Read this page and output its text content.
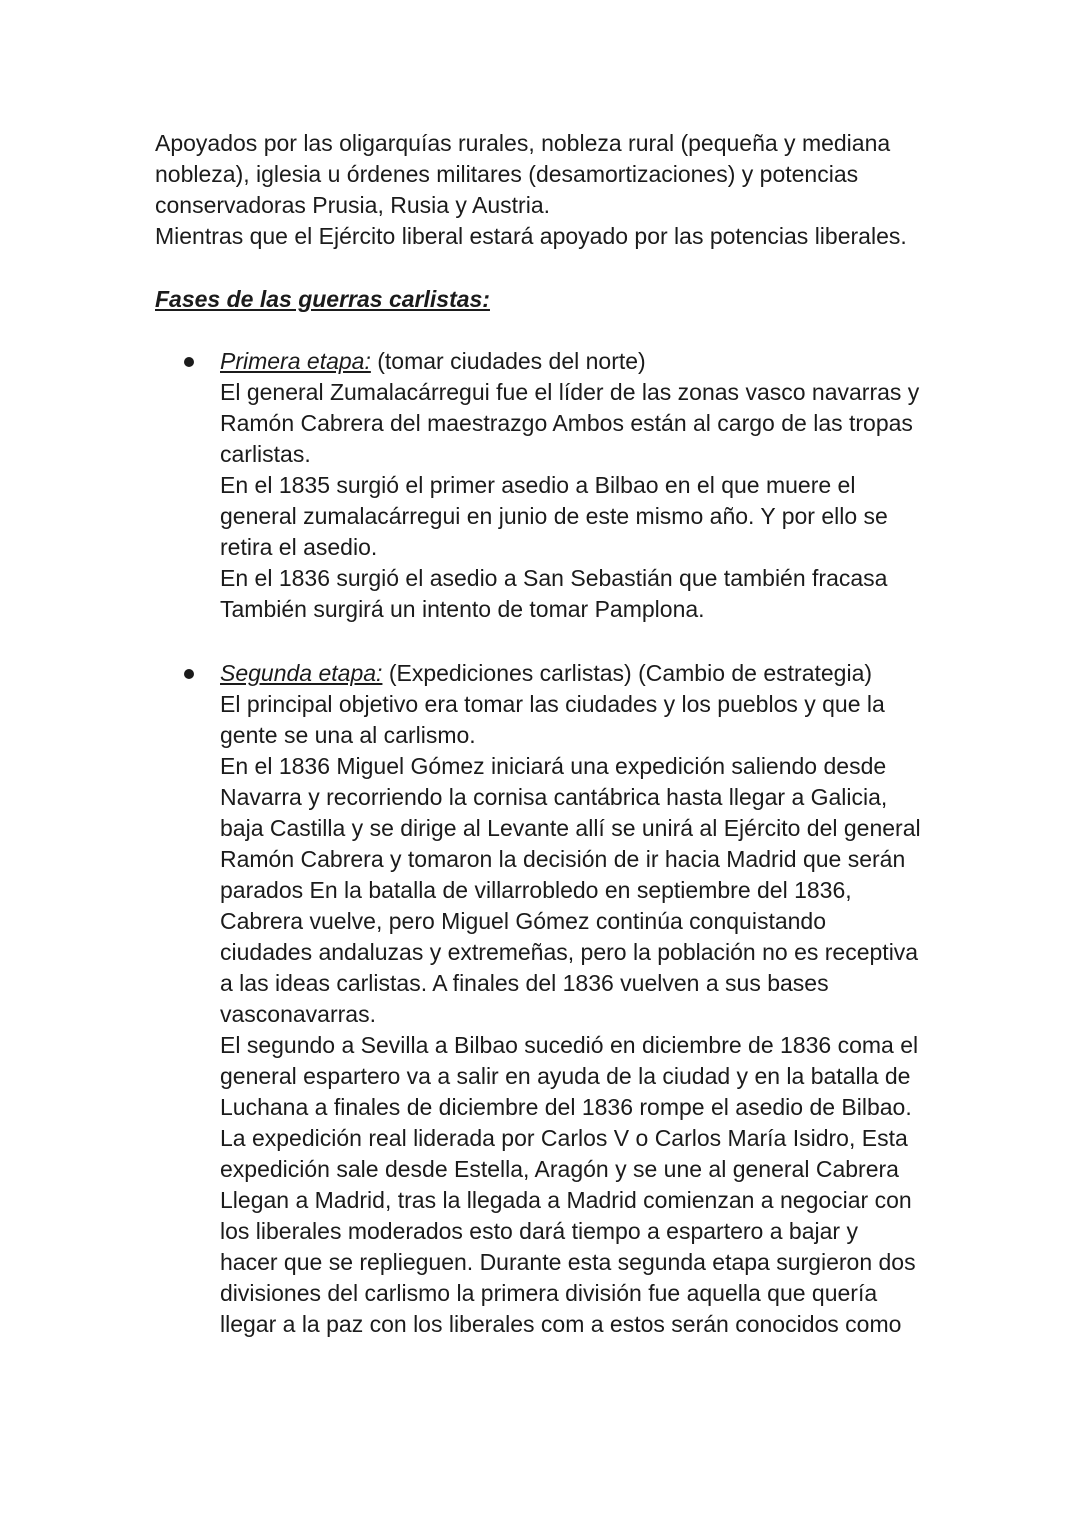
Apoyados por las oligarquías rurales, nobleza rural (pequeña y mediana
nobleza), iglesia u órdenes militares (desamortizaciones) y potencias
conservadoras Prusia, Rusia y Austria.
Mientras que el Ejército liberal estará apoyado por las potencias liberales.
Fases de las guerras carlistas:
Primera etapa: (tomar ciudades del norte)
El general Zumalacárregui fue el líder de las zonas vasco navarras y
Ramón Cabrera del maestrazgo Ambos están al cargo de las tropas
carlistas.
En el 1835 surgió el primer asedio a Bilbao en el que muere el
general zumalacárregui en junio de este mismo año. Y por ello se
retira el asedio.
En el 1836 surgió el asedio a San Sebastián que también fracasa
También surgirá un intento de tomar Pamplona.
Segunda etapa: (Expediciones carlistas) (Cambio de estrategia)
El principal objetivo era tomar las ciudades y los pueblos y que la
gente se una al carlismo.
En el 1836 Miguel Gómez iniciará una expedición saliendo desde
Navarra y recorriendo la cornisa cantábrica hasta llegar a Galicia,
baja Castilla y se dirige al Levante allí se unirá al Ejército del general
Ramón Cabrera y tomaron la decisión de ir hacia Madrid que serán
parados En la batalla de villarrobledo en septiembre del 1836,
Cabrera vuelve, pero Miguel Gómez continúa conquistando
ciudades andaluzas y extremeñas, pero la población no es receptiva
a las ideas carlistas. A finales del 1836 vuelven a sus bases
vasconavarras.
El segundo a Sevilla a Bilbao sucedió en diciembre de 1836 coma el
general espartero va a salir en ayuda de la ciudad y en la batalla de
Luchana a finales de diciembre del 1836 rompe el asedio de Bilbao.
La expedición real liderada por Carlos V o Carlos María Isidro, Esta
expedición sale desde Estella, Aragón y se une al general Cabrera
Llegan a Madrid, tras la llegada a Madrid comienzan a negociar con
los liberales moderados esto dará tiempo a espartero a bajar y
hacer que se replieguen. Durante esta segunda etapa surgieron dos
divisiones del carlismo la primera división fue aquella que quería
llegar a la paz con los liberales com a estos serán conocidos como
